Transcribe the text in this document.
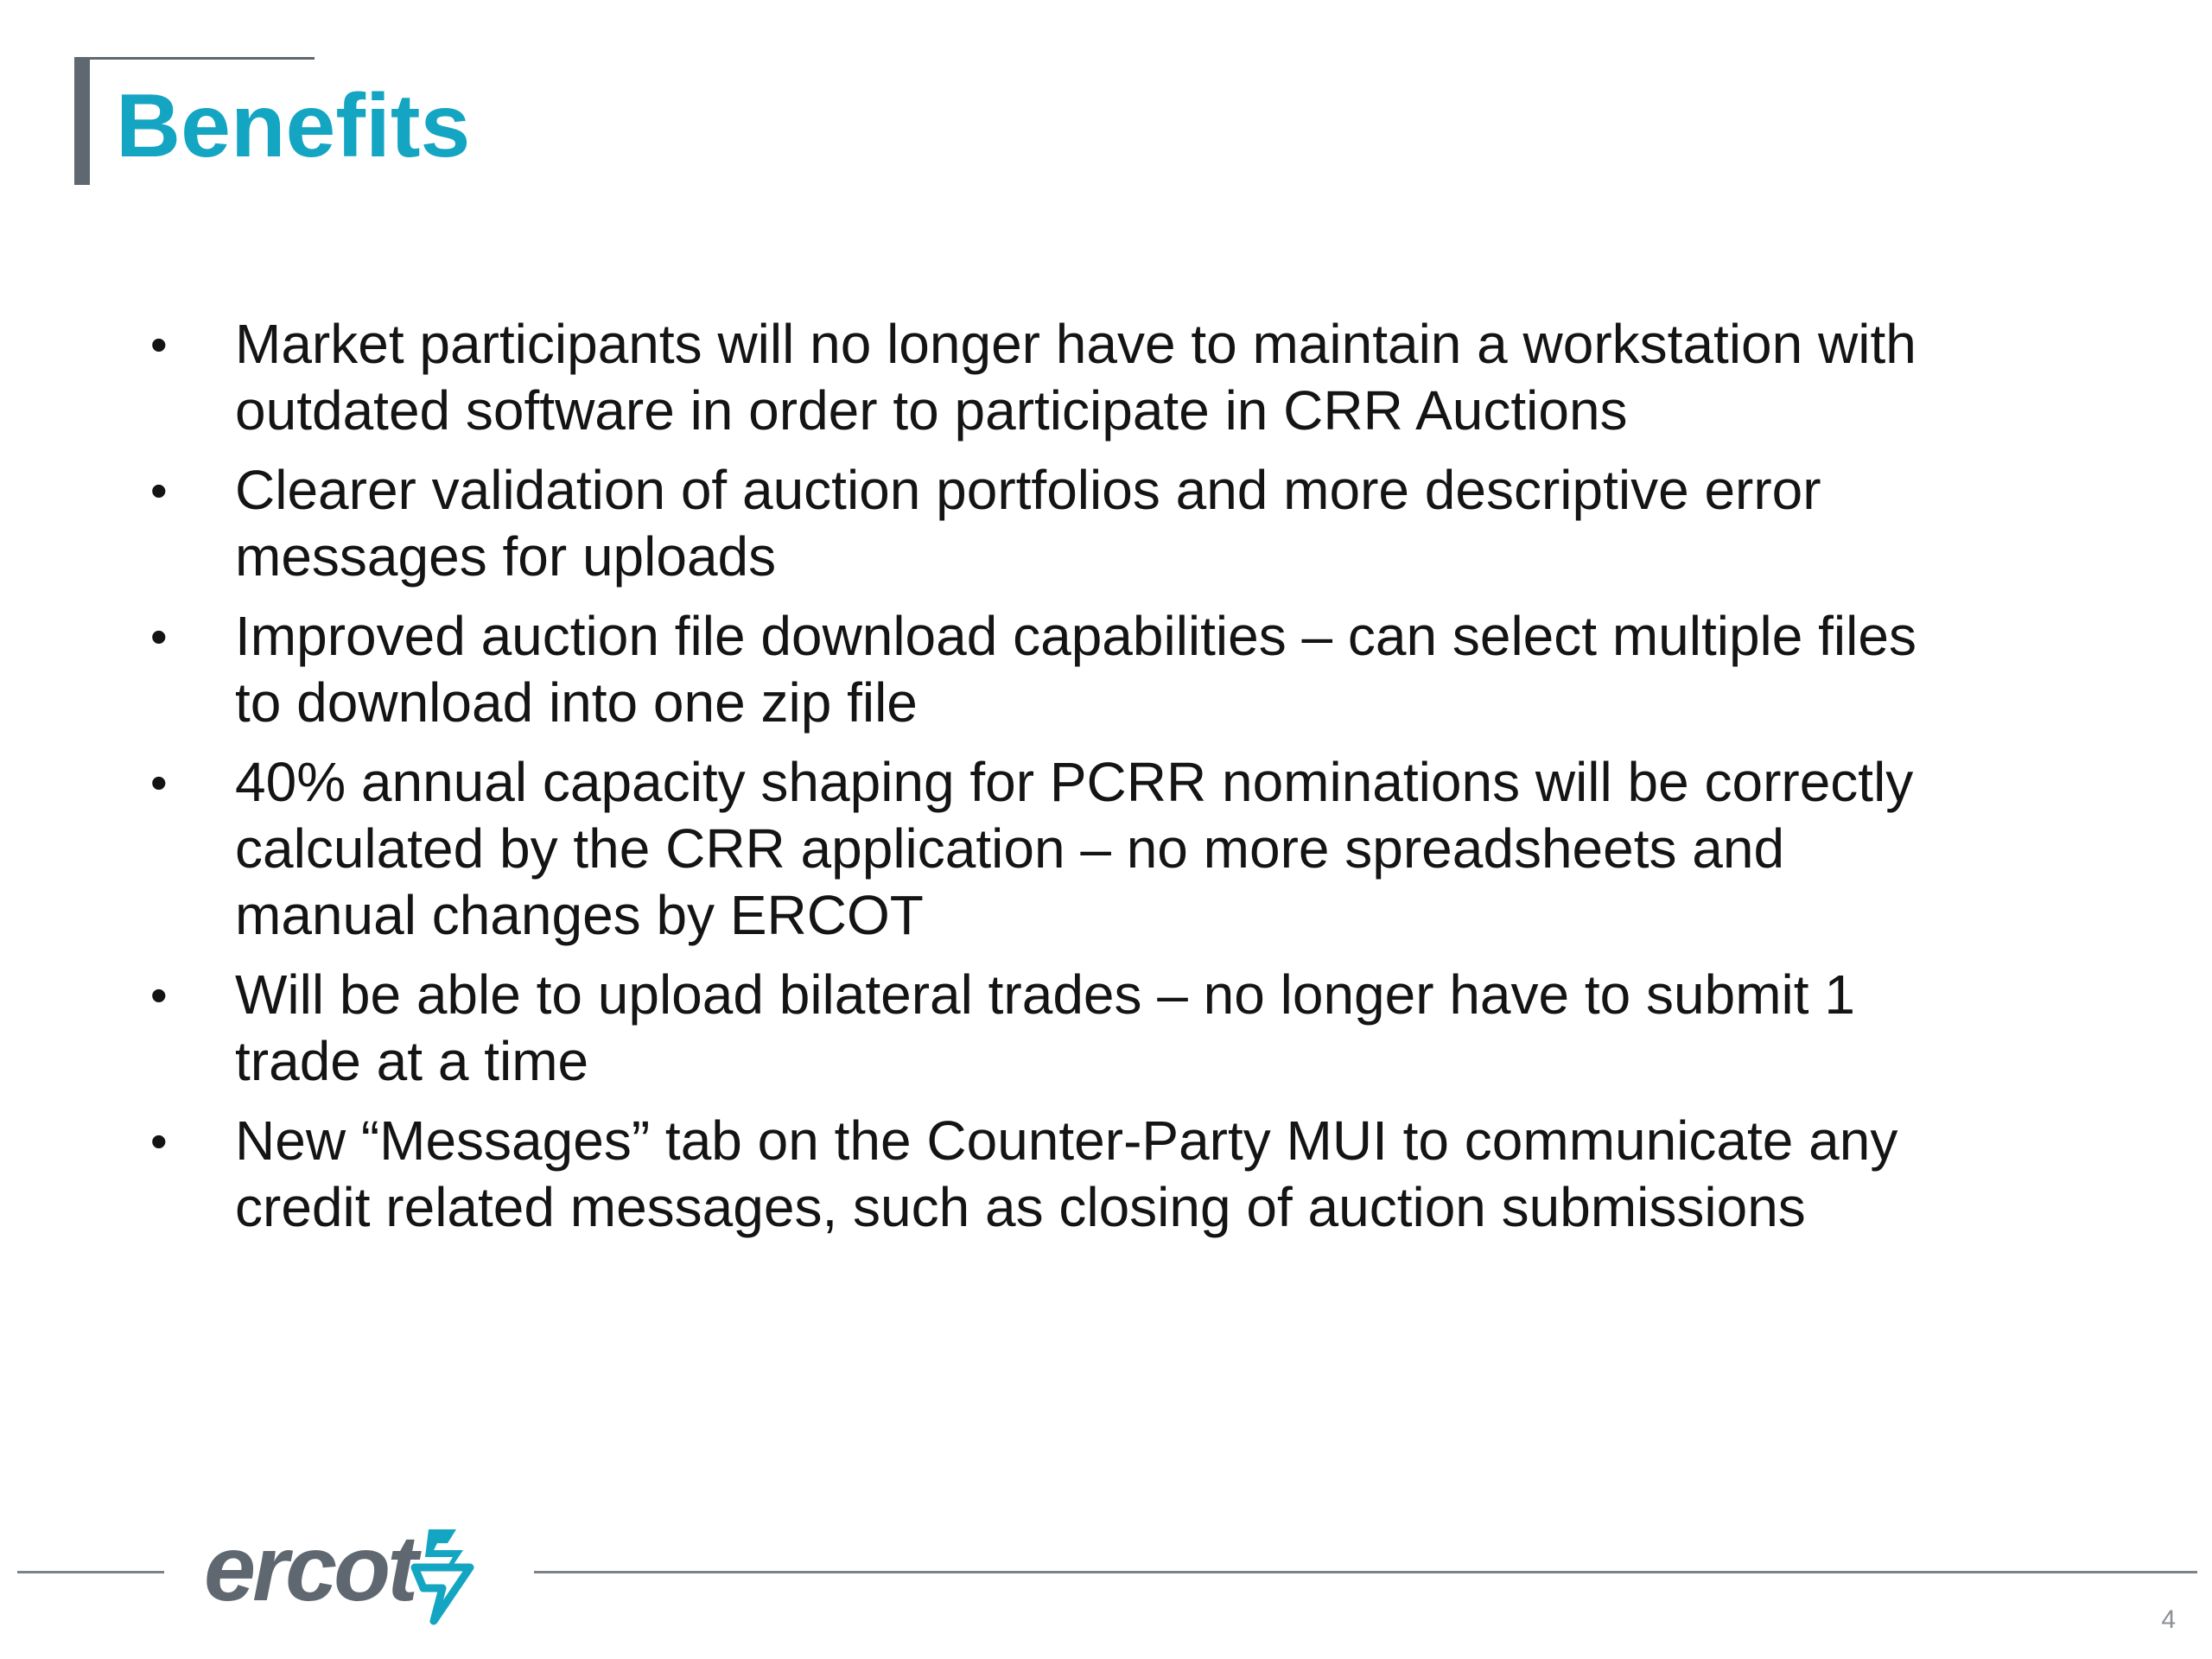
Benefits
• Market participants will no longer have to maintain a workstation with
outdated software in order to participate in CRR Auctions
• Clearer validation of auction portfolios and more descriptive error
messages for uploads
• Improved auction file download capabilities – can select multiple files
to download into one zip file
• 40% annual capacity shaping for PCRR nominations will be correctly
calculated by the CRR application – no more spreadsheets and
manual changes by ERCOT
• Will be able to upload bilateral trades – no longer have to submit 1
trade at a time
• New “Messages” tab on the Counter-Party MUI to communicate any
credit related messages, such as closing of auction submissions
ercot	4
